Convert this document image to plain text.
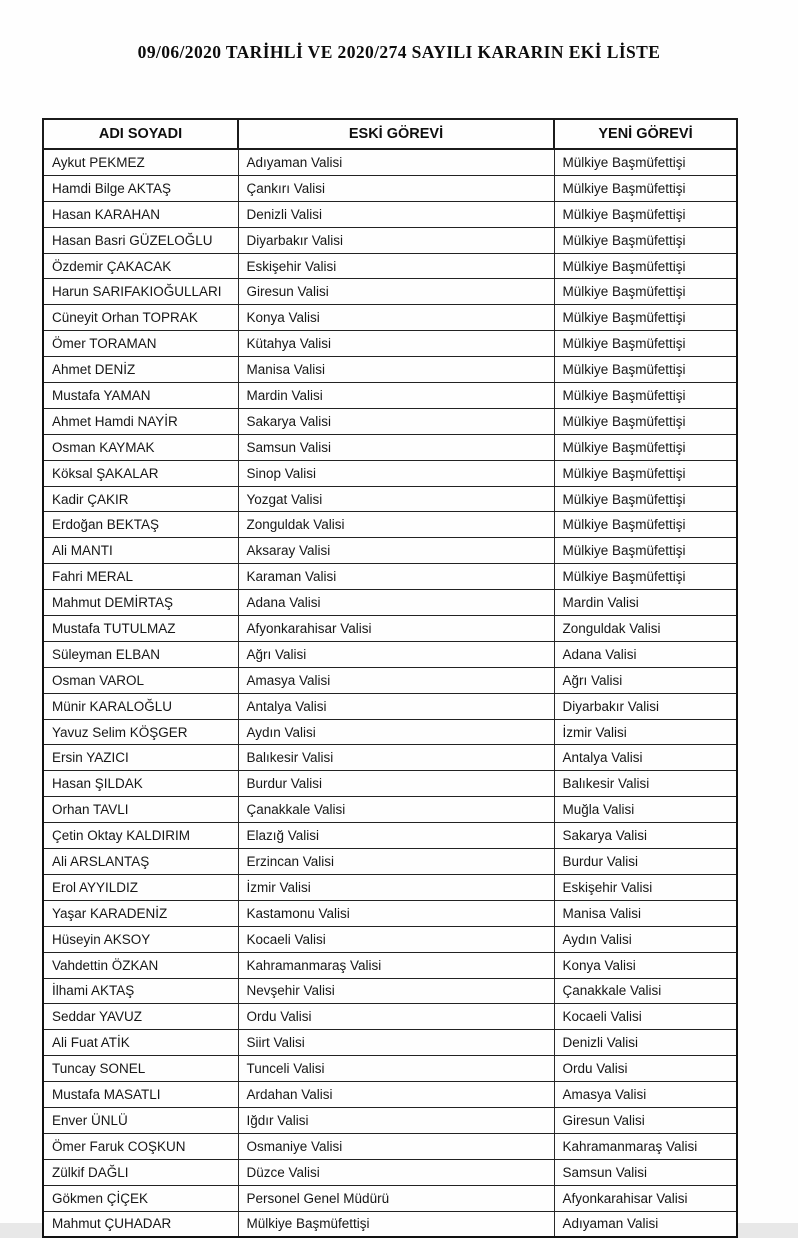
09/06/2020 TARİHLİ VE 2020/274 SAYILI KARARIN EKİ LİSTE
ADI SOYADI	ESKİ GÖREVİ	YENİ GÖREVİ
Aykut PEKMEZ	Adıyaman Valisi	Mülkiye Başmüfettişi
Hamdi Bilge AKTAŞ	Çankırı Valisi	Mülkiye Başmüfettişi
Hasan KARAHAN	Denizli Valisi	Mülkiye Başmüfettişi
Hasan Basri GÜZELOĞLU	Diyarbakır Valisi	Mülkiye Başmüfettişi
Özdemir ÇAKACAK	Eskişehir Valisi	Mülkiye Başmüfettişi
Harun SARIFAKIOĞULLARI	Giresun Valisi	Mülkiye Başmüfettişi
Cüneyit Orhan TOPRAK	Konya Valisi	Mülkiye Başmüfettişi
Ömer TORAMAN	Kütahya Valisi	Mülkiye Başmüfettişi
Ahmet DENİZ	Manisa Valisi	Mülkiye Başmüfettişi
Mustafa YAMAN	Mardin Valisi	Mülkiye Başmüfettişi
Ahmet Hamdi NAYİR	Sakarya Valisi	Mülkiye Başmüfettişi
Osman KAYMAK	Samsun Valisi	Mülkiye Başmüfettişi
Köksal ŞAKALAR	Sinop Valisi	Mülkiye Başmüfettişi
Kadir ÇAKIR	Yozgat Valisi	Mülkiye Başmüfettişi
Erdoğan BEKTAŞ	Zonguldak Valisi	Mülkiye Başmüfettişi
Ali MANTI	Aksaray Valisi	Mülkiye Başmüfettişi
Fahri MERAL	Karaman Valisi	Mülkiye Başmüfettişi
Mahmut DEMİRTAŞ	Adana Valisi	Mardin Valisi
Mustafa TUTULMAZ	Afyonkarahisar Valisi	Zonguldak Valisi
Süleyman ELBAN	Ağrı Valisi	Adana Valisi
Osman VAROL	Amasya Valisi	Ağrı Valisi
Münir KARALOĞLU	Antalya Valisi	Diyarbakır Valisi
Yavuz Selim KÖŞGER	Aydın Valisi	İzmir Valisi
Ersin YAZICI	Balıkesir Valisi	Antalya Valisi
Hasan ŞILDAK	Burdur Valisi	Balıkesir Valisi
Orhan TAVLI	Çanakkale Valisi	Muğla Valisi
Çetin Oktay KALDIRIM	Elazığ Valisi	Sakarya Valisi
Ali ARSLANTAŞ	Erzincan Valisi	Burdur Valisi
Erol AYYILDIZ	İzmir Valisi	Eskişehir Valisi
Yaşar KARADENİZ	Kastamonu Valisi	Manisa Valisi
Hüseyin AKSOY	Kocaeli Valisi	Aydın Valisi
Vahdettin ÖZKAN	Kahramanmaraş Valisi	Konya Valisi
İlhami AKTAŞ	Nevşehir Valisi	Çanakkale Valisi
Seddar YAVUZ	Ordu Valisi	Kocaeli Valisi
Ali Fuat ATİK	Siirt Valisi	Denizli Valisi
Tuncay SONEL	Tunceli Valisi	Ordu Valisi
Mustafa MASATLI	Ardahan Valisi	Amasya Valisi
Enver ÜNLÜ	Iğdır Valisi	Giresun Valisi
Ömer Faruk COŞKUN	Osmaniye Valisi	Kahramanmaraş Valisi
Zülkif DAĞLI	Düzce Valisi	Samsun Valisi
Gökmen ÇİÇEK	Personel Genel Müdürü	Afyonkarahisar Valisi
Mahmut ÇUHADAR	Mülkiye Başmüfettişi	Adıyaman Valisi
